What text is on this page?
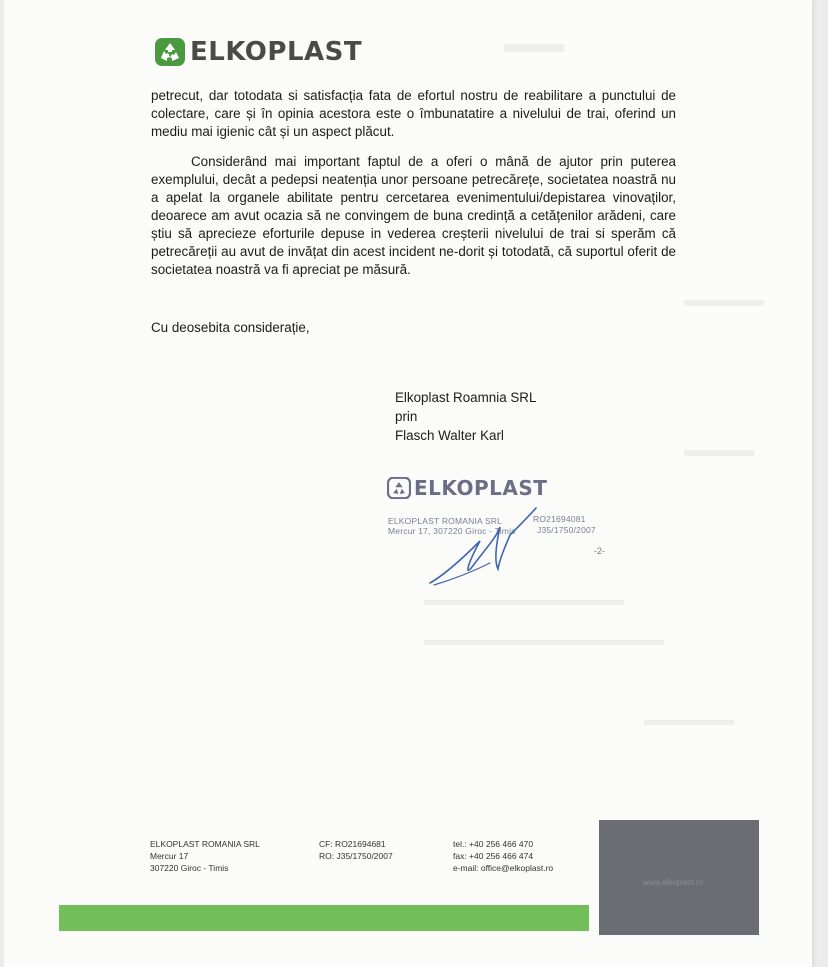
ELKOPLAST
petrecut, dar totodata si satisfacția fata de efortul nostru de reabilitare a punctului de colectare, care și în opinia acestora este o îmbunatatire a nivelului de trai, oferind un mediu mai igienic cât și un aspect plăcut.
Considerând mai important faptul de a oferi o mână de ajutor prin puterea exemplului, decât a pedepsi neatenția unor persoane petrecărețe, societatea noastră nu a apelat la organele abilitate pentru cercetarea evenimentului/depistarea vinovaților, deoarece am avut ocazia să ne convingem de buna credință a cetățenilor arădeni, care știu să aprecieze eforturile depuse in vederea creșterii nivelului de trai si sperăm că petrecăreții au avut de invățat din acest incident ne-dorit și totodată, că suportul oferit de societatea noastră va fi apreciat pe măsură.
Cu deosebita considerație,
Elkoplast Roamnia SRL
prin
Flasch Walter Karl
ELKOPLAST
ELKOPLAST ROMANIA SRL	RO21694081
Mercur 17, 307220 Giroc - Timis	J35/1750/2007
-2-
ELKOPLAST ROMANIA SRL
Mercur 17
307220 Giroc - Timis
CF: RO21694681
RO: J35/1750/2007
tel.: +40 256 466 470
fax: +40 256 466 474
e-mail: office@elkoplast.ro
www.elkoplast.ro
